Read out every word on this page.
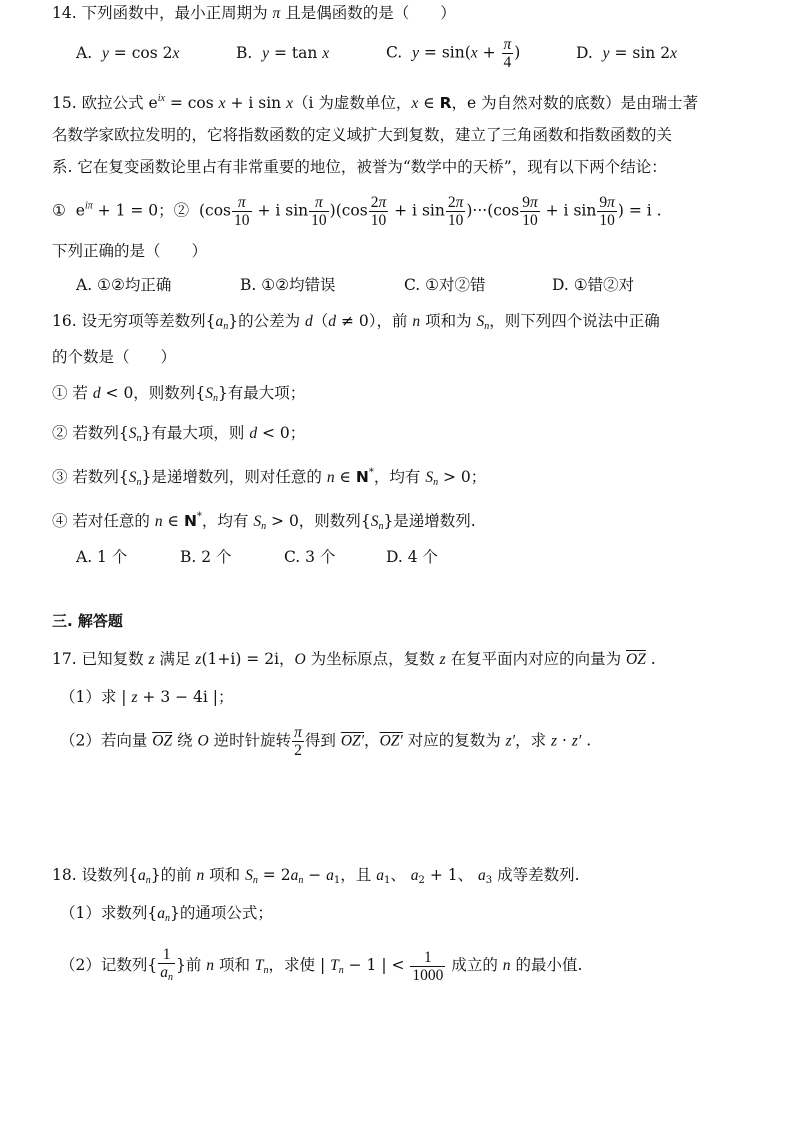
14. 下列函数中，最小正周期为 π 且是偶函数的是（　　）
A.  y = cos 2x	B.  y = tan x	C.  $y = \sin(x + \frac{\pi}{4}$ )	D.  y = sin 2x
15. 欧拉公式 $e^{ix} = \cos x + i$ sin x（i 为虚数单位，x ∈ R，e 为自然对数的底数）是由瑞士著
名数学家欧拉发明的，它将指数函数的定义域扩大到复数，建立了三角函数和指数函数的关
系. 它在复变函数论里占有非常重要的地位，被誉为“数学中的天桥”，现有以下两个结论：
①  $e^{i\pi} + 1 = 0$；②  ($\cos \frac{\pi}{10} + i$ $\sin \frac{\pi}{10} )(\cos \frac{2\pi}{10} + i$ $\sin \frac{2\pi}{10} )\cdot\cdot\cdot(\cos \frac{9\pi}{10} + i$ $\sin \frac{9\pi}{10}$ ) = i .
下列正确的是（　　）
A. ①②均正确	B. ①②均错误	C. ①对②错	D. ①错②对
16. 设无穷项等差数列$\{a_n\}$的公差为 d（d ≠ 0），前 n 项和为 $S_n$，则下列四个说法中正确
的个数是（　　）
① 若 d < 0，则数列$\{S_n\}$有最大项；
② 若数列$\{S_n\}$有最大项，则 d < 0；
③ 若数列$\{S_n\}$是递增数列，则对任意的 n ∈ N*，均有 $S_n > 0$；
④ 若对任意的 n ∈ N*，均有 $S_n > 0$，则数列$\{S_n\}$是递增数列.
A. 1 个	B. 2 个	C. 3 个	D. 4 个
三. 解答题
17. 已知复数 z 满足 z(1+i) = 2i，O 为坐标原点，复数 z 在复平面内对应的向量为 $\overline{OZ}$ .
（1）求 | z + 3 − 4i |；
（2）若向量 $\overline{OZ}$ 绕 O 逆时针旋转 $\frac{\pi}{2}$ 得到 OZ′，OZ′ 对应的复数为 z′，求 z · z′ .
18. 设数列$\{a_n\}$的前 n 项和 $S_n = 2a_n - a_1$，且 $a_1$、 $a_2 + 1$、 $a_3$ 成等差数列.
（1）求数列$\{a_n\}$的通项公式；
（2）记数列{ $\frac{1}{a_n}$ }前 n 项和 $T_n$，求使 | $T_n - 1$ | < $\frac{1}{1000}$ 成立的 n 的最小值.
